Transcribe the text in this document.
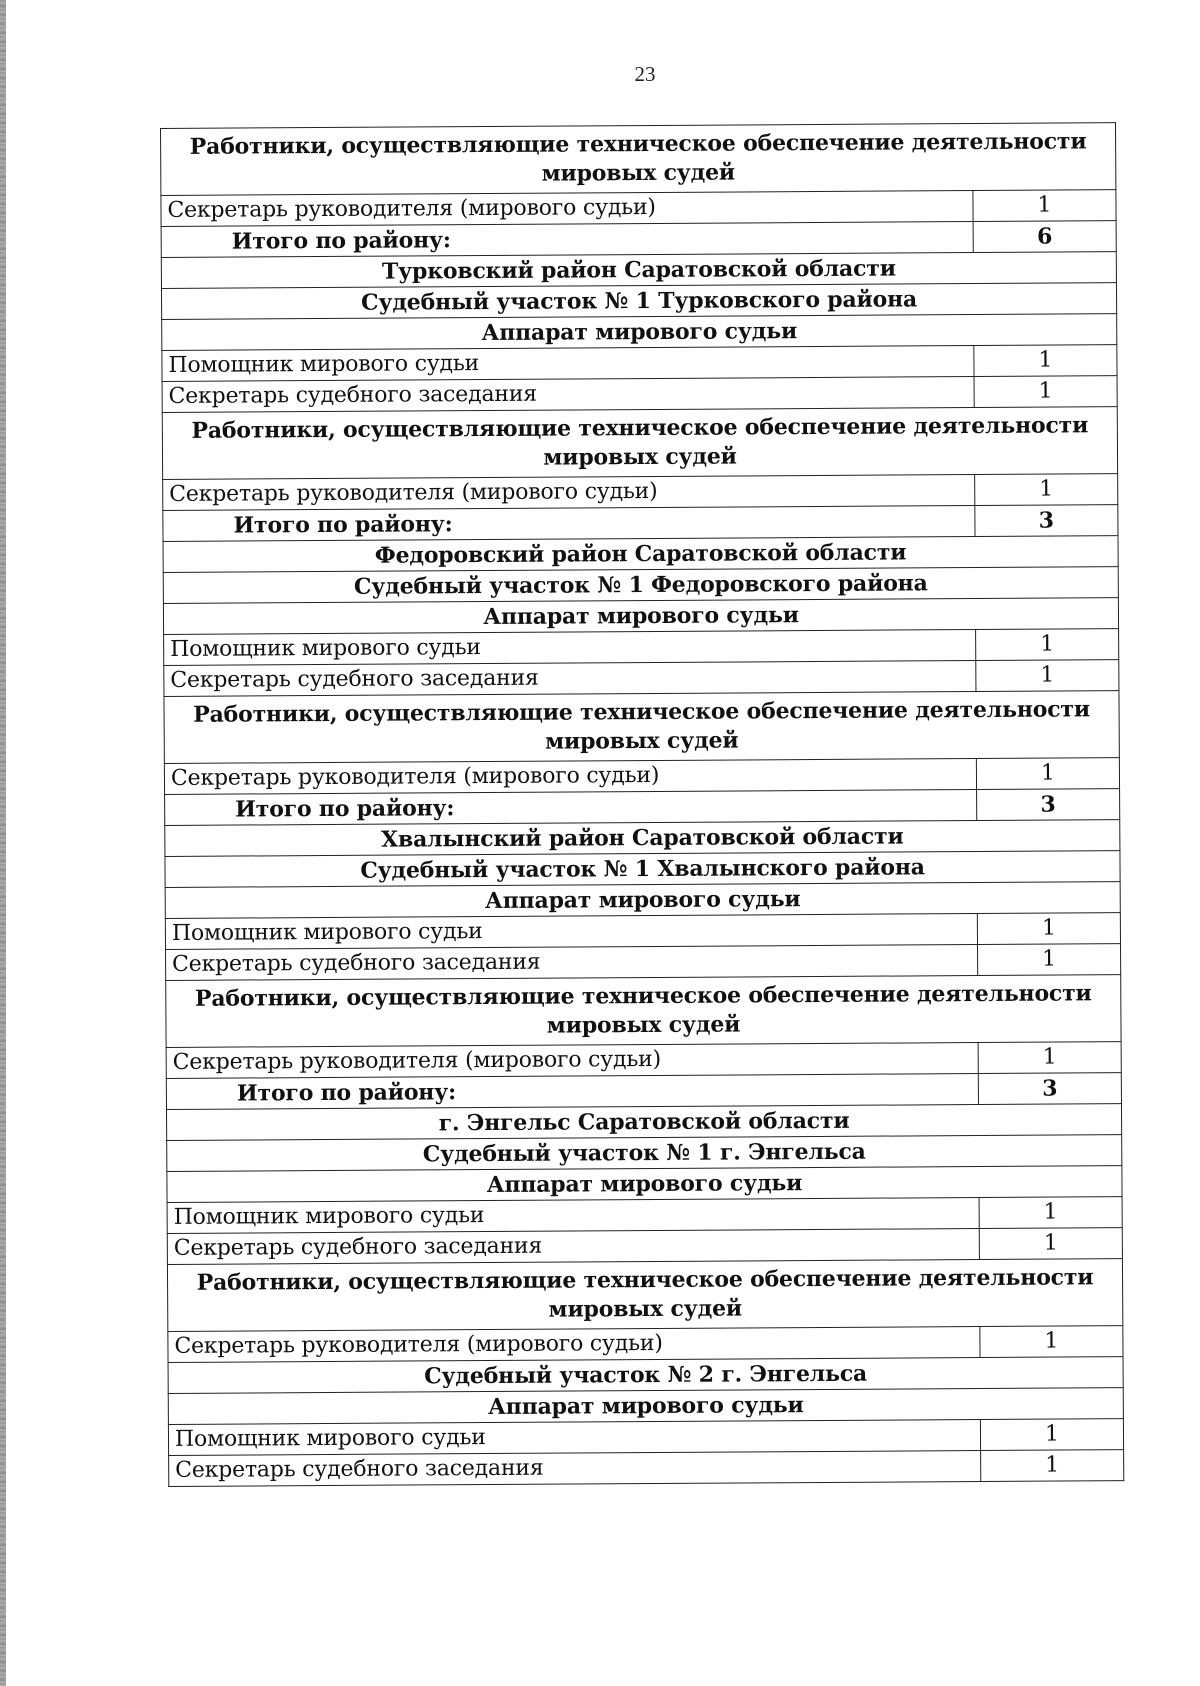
23
Работники, осуществляющие техническое обеспечение деятельности мировых судей	
Секретарь руководителя (мирового судьи)	1
Итого по району:	6
Турковский район Саратовской области	
Судебный участок № 1 Турковского района	
Аппарат мирового судьи	
Помощник мирового судьи	1
Секретарь судебного заседания	1
Работники, осуществляющие техническое обеспечение деятельности мировых судей	
Секретарь руководителя (мирового судьи)	1
Итого по району:	3
Федоровский район Саратовской области	
Судебный участок № 1 Федоровского района	
Аппарат мирового судьи	
Помощник мирового судьи	1
Секретарь судебного заседания	1
Работники, осуществляющие техническое обеспечение деятельности мировых судей	
Секретарь руководителя (мирового судьи)	1
Итого по району:	3
Хвалынский район Саратовской области	
Судебный участок № 1 Хвалынского района	
Аппарат мирового судьи	
Помощник мирового судьи	1
Секретарь судебного заседания	1
Работники, осуществляющие техническое обеспечение деятельности мировых судей	
Секретарь руководителя (мирового судьи)	1
Итого по району:	3
г. Энгельс Саратовской области	
Судебный участок № 1 г. Энгельса	
Аппарат мирового судьи	
Помощник мирового судьи	1
Секретарь судебного заседания	1
Работники, осуществляющие техническое обеспечение деятельности мировых судей	
Секретарь руководителя (мирового судьи)	1
Судебный участок № 2 г. Энгельса	
Аппарат мирового судьи	
Помощник мирового судьи	1
Секретарь судебного заседания	1
